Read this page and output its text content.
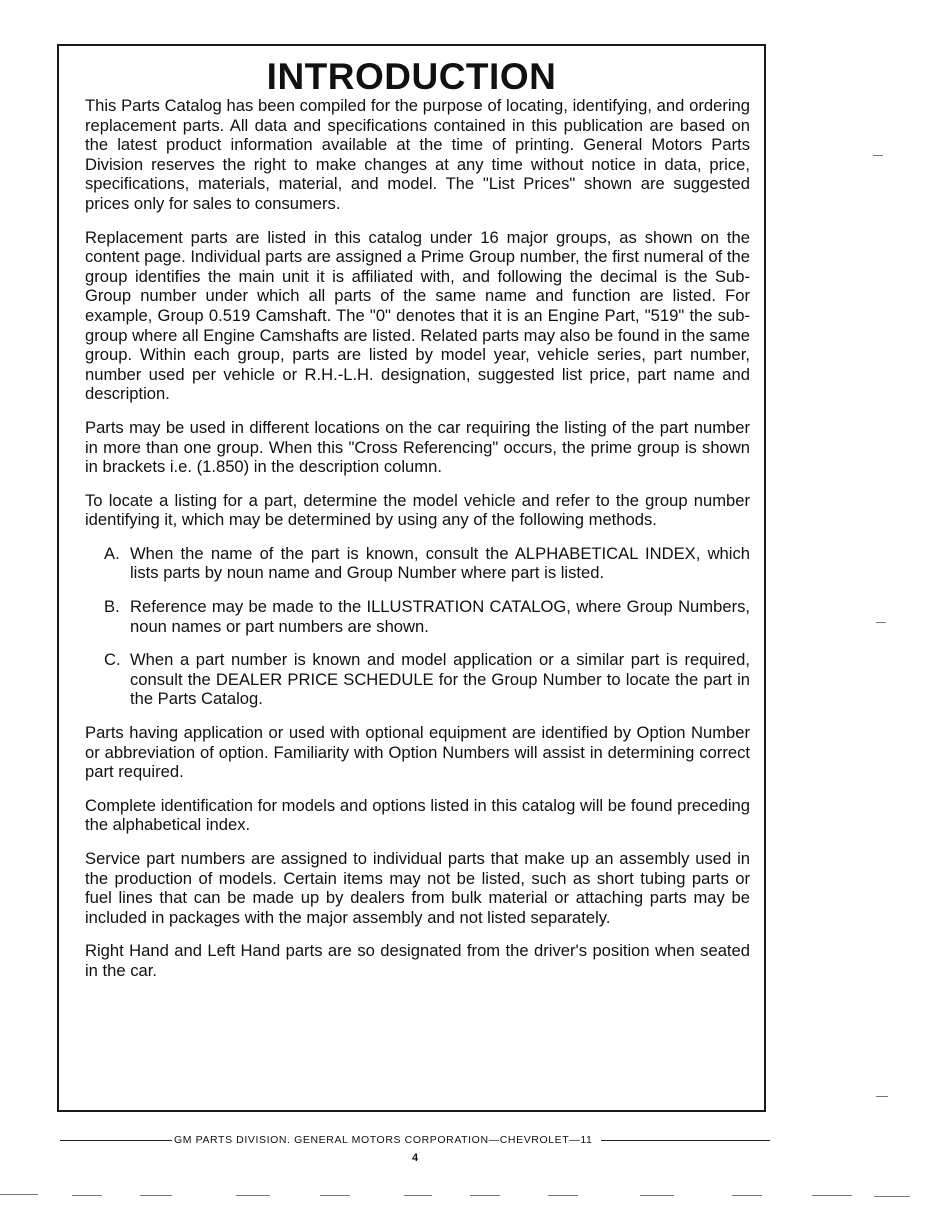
INTRODUCTION

This Parts Catalog has been compiled for the purpose of locating, identifying, and ordering replacement parts. All data and specifications contained in this publication are based on the latest product information available at the time of printing. General Motors Parts Division reserves the right to make changes at any time without notice in data, price, specifications, materials, material, and model. The "List Prices" shown are suggested prices only for sales to consumers.

Replacement parts are listed in this catalog under 16 major groups, as shown on the content page. Individual parts are assigned a Prime Group number, the first numeral of the group identifies the main unit it is affiliated with, and following the decimal is the Sub-Group number under which all parts of the same name and function are listed. For example, Group 0.519 Camshaft. The "0" denotes that it is an Engine Part, "519" the sub-group where all Engine Camshafts are listed. Related parts may also be found in the same group. Within each group, parts are listed by model year, vehicle series, part number, number used per vehicle or R.H.-L.H. designation, suggested list price, part name and description.

Parts may be used in different locations on the car requiring the listing of the part number in more than one group. When this "Cross Referencing" occurs, the prime group is shown in brackets i.e. (1.850) in the description column.

To locate a listing for a part, determine the model vehicle and refer to the group number identifying it, which may be determined by using any of the following methods.

A. When the name of the part is known, consult the ALPHABETICAL INDEX, which lists parts by noun name and Group Number where part is listed.
B. Reference may be made to the ILLUSTRATION CATALOG, where Group Numbers, noun names or part numbers are shown.
C. When a part number is known and model application or a similar part is required, consult the DEALER PRICE SCHEDULE for the Group Number to locate the part in the Parts Catalog.

Parts having application or used with optional equipment are identified by Option Number or abbreviation of option. Familiarity with Option Numbers will assist in determining correct part required.

Complete identification for models and options listed in this catalog will be found preceding the alphabetical index.

Service part numbers are assigned to individual parts that make up an assembly used in the production of models. Certain items may not be listed, such as short tubing parts or fuel lines that can be made up by dealers from bulk material or attaching parts may be included in packages with the major assembly and not listed separately.

Right Hand and Left Hand parts are so designated from the driver's position when seated in the car.

GM PARTS DIVISION. GENERAL MOTORS CORPORATION—CHEVROLET—11
4
